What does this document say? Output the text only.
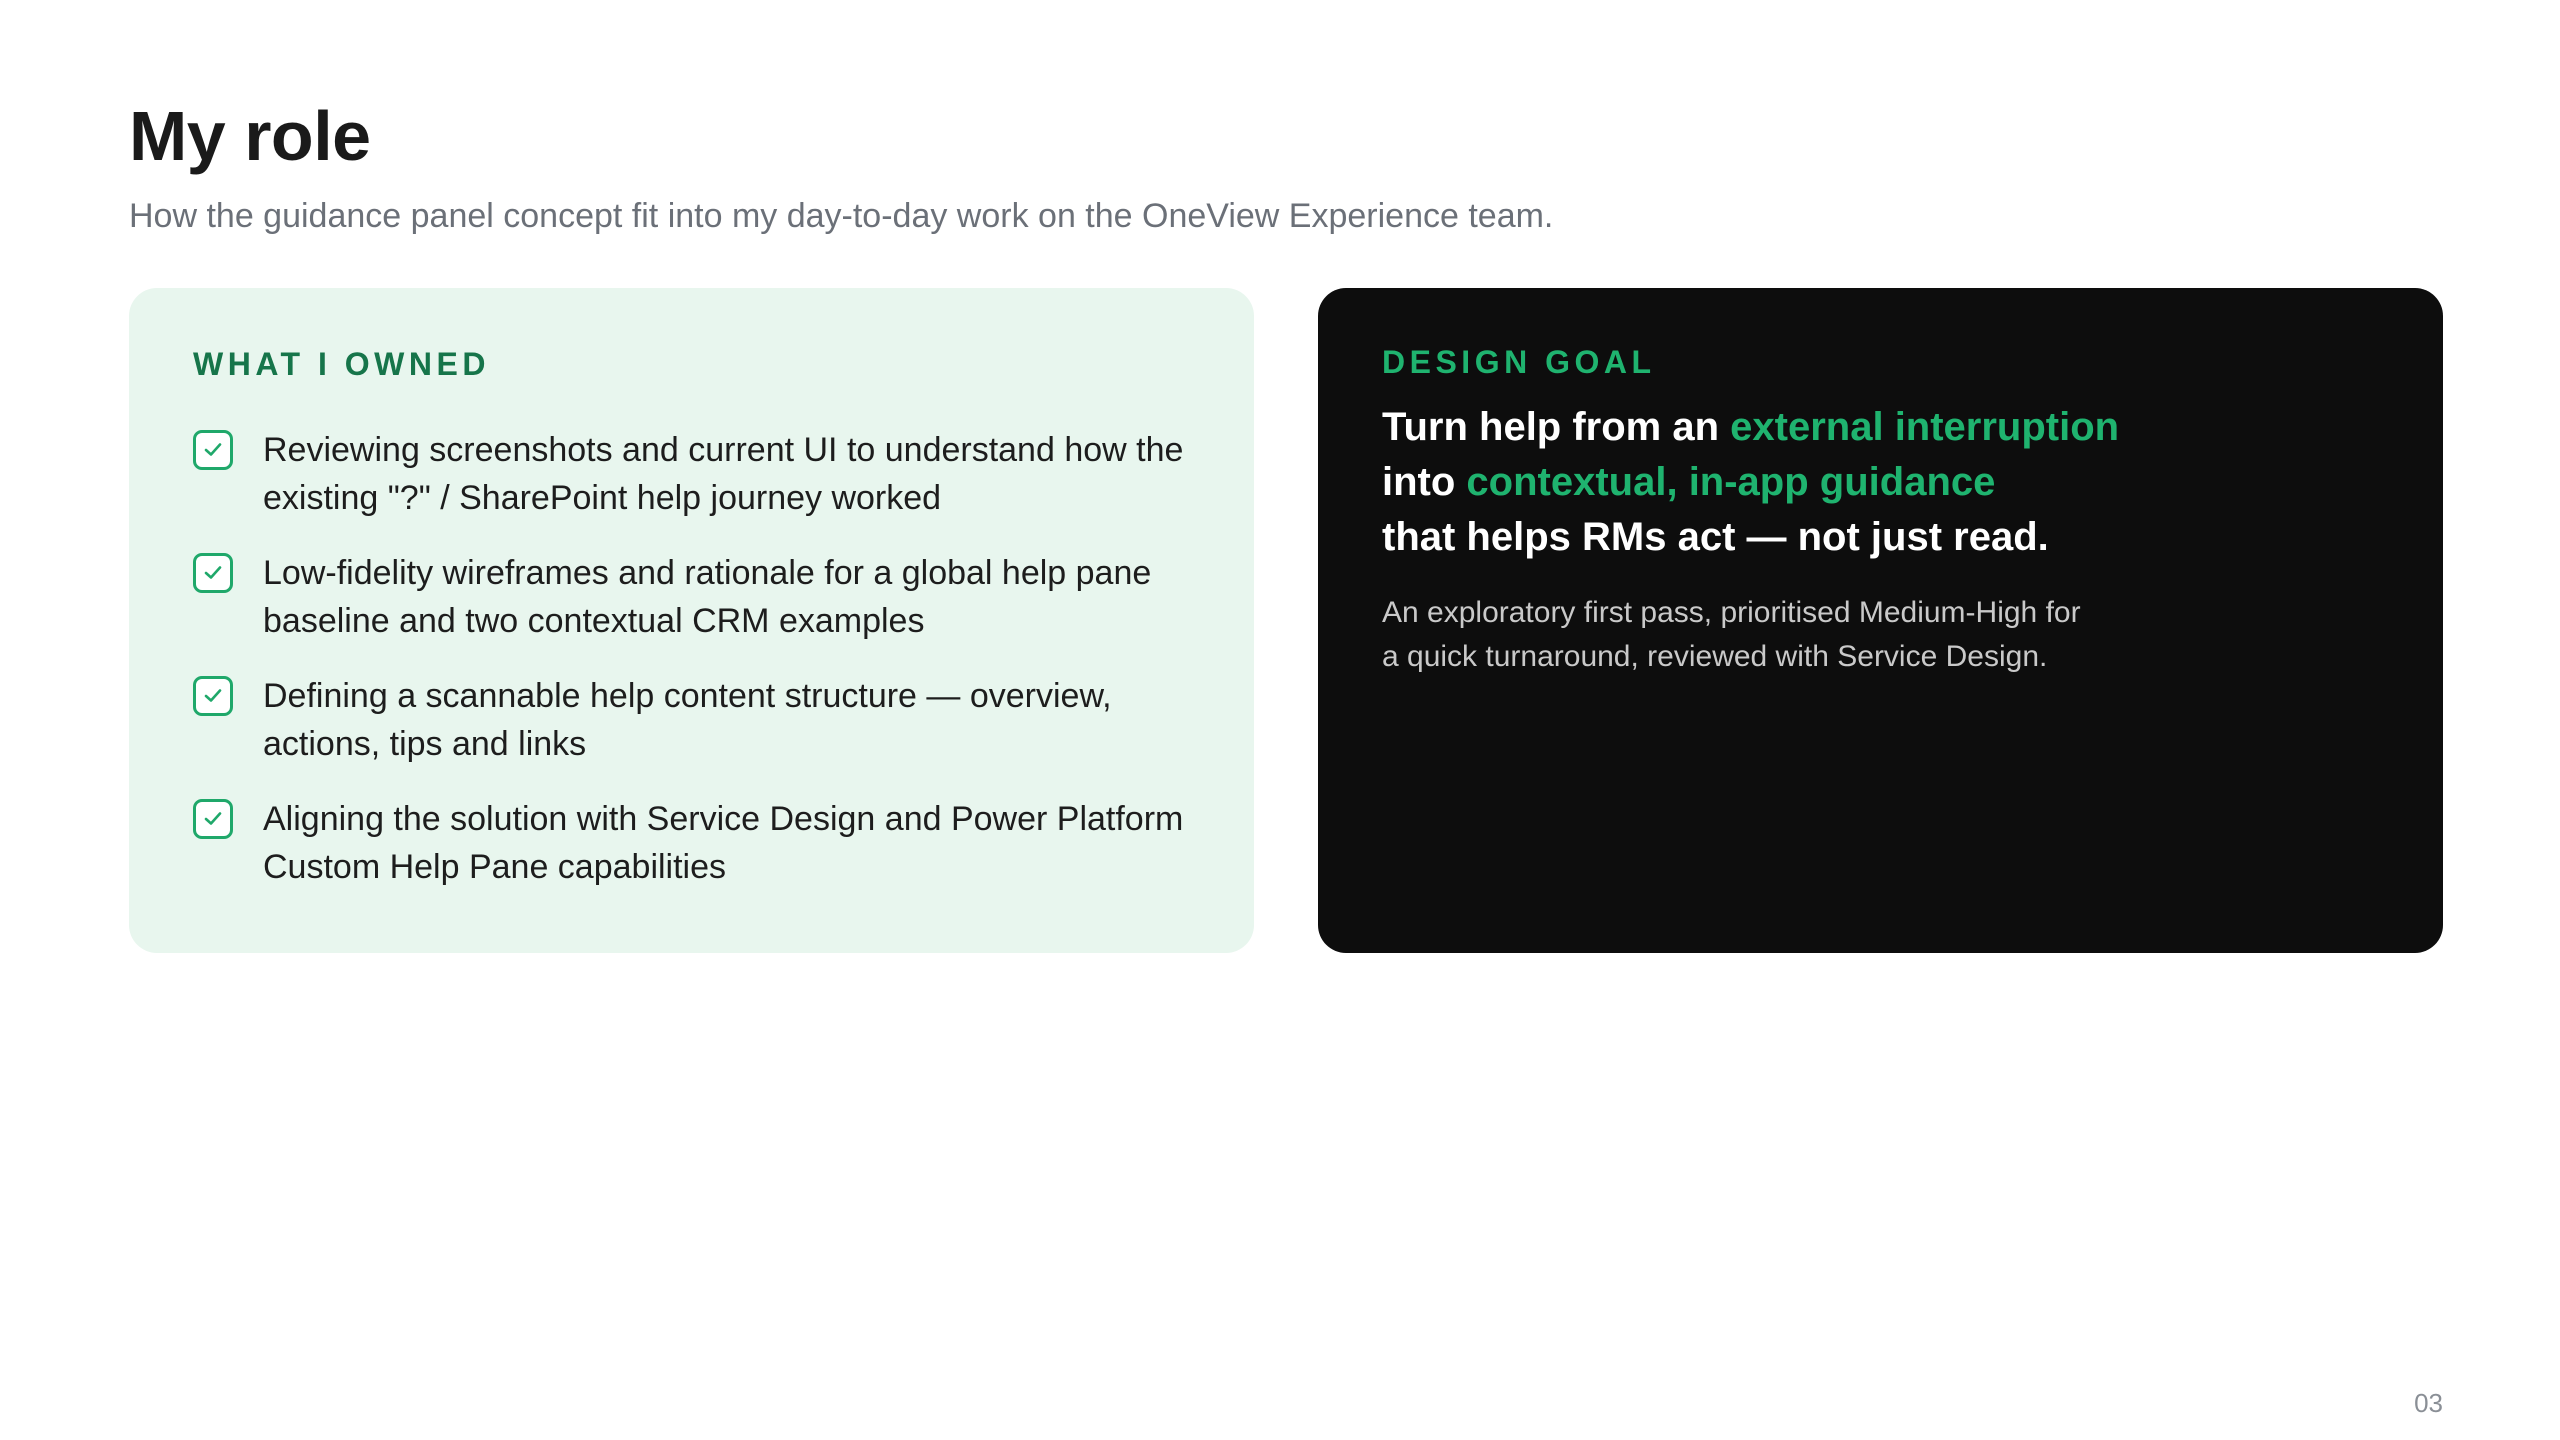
My role

How the guidance panel concept fit into my day-to-day work on the OneView Experience team.

WHAT I OWNED
Reviewing screenshots and current UI to understand how the existing "?" / SharePoint help journey worked
Low-fidelity wireframes and rationale for a global help pane baseline and two contextual CRM examples
Defining a scannable help content structure — overview, actions, tips and links
Aligning the solution with Service Design and Power Platform Custom Help Pane capabilities
DESIGN GOAL

Turn help from an external interruption
into contextual, in-app guidance
that helps RMs act — not just read.

An exploratory first pass, prioritised Medium-High for
a quick turnaround, reviewed with Service Design.

03
